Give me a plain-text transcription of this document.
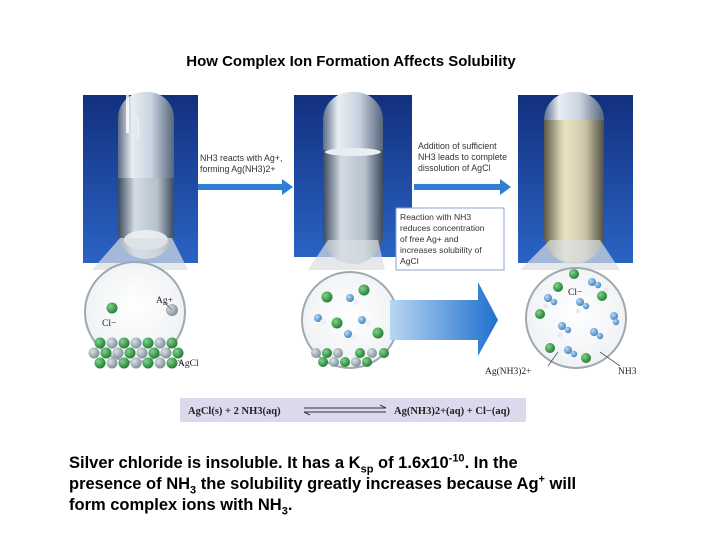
How Complex Ion Formation Affects Solubility
Ag+
Cl−
AgCl
NH3 reacts with Ag+,
forming Ag(NH3)2+
Reaction with NH3
reduces concentration
of free Ag+ and
increases solubility of
AgCl
Addition of sufficient
NH3 leads to complete
dissolution of AgCl
Cl−
Ag(NH3)2+	NH3
AgCl(s) + 2 NH3(aq)	Ag(NH3)2+(aq) + Cl−(aq)
Silver chloride is insoluble. It has a $K_{sp}$ of $1.6x10^{-10}$. In the
presence of $NH_3$ the solubility greatly increases because Ag+ will
form complex ions with $NH_3$.
